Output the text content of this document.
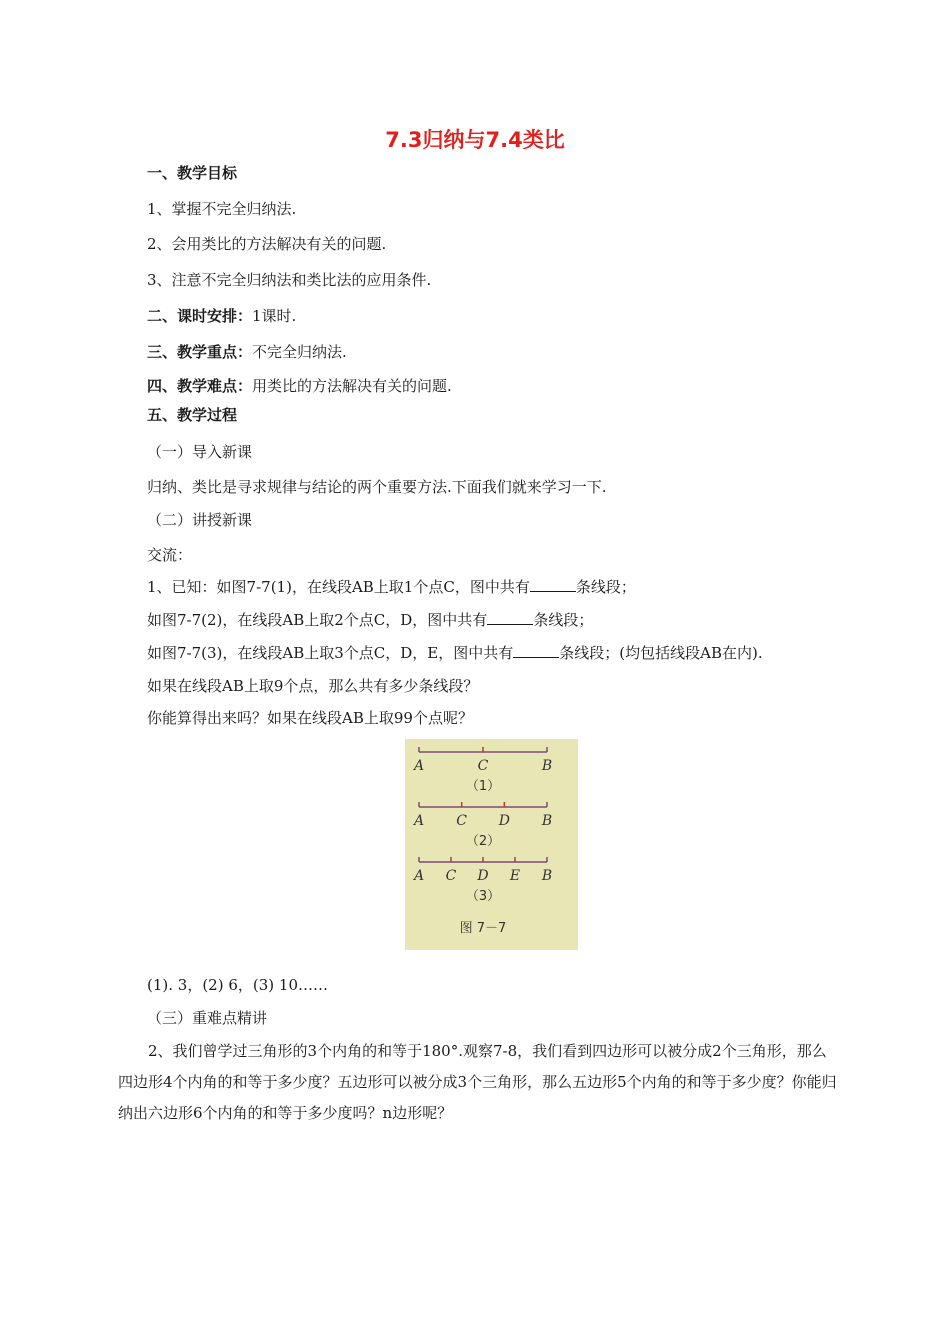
7.3归纳与7.4类比
一、教学目标
1、掌握不完全归纳法.
2、会用类比的方法解决有关的问题.
3、注意不完全归纳法和类比法的应用条件.
二、课时安排：1课时.
三、教学重点：不完全归纳法.
四、教学难点：用类比的方法解决有关的问题.
五、教学过程
（一）导入新课
归纳、类比是寻求规律与结论的两个重要方法.下面我们就来学习一下.
（二）讲授新课
交流：
1、已知：如图7-7(1)，在线段AB上取1个点C，图中共有	条线段；
如图7-7(2)，在线段AB上取2个点C，D，图中共有	条线段；
如图7-7(3)，在线段AB上取3个点C，D，E，图中共有	条线段；(均包括线段AB在内).
如果在线段AB上取9个点，那么共有多少条线段？
你能算得出来吗？如果在线段AB上取99个点呢？
A	C	B
（1）
A C D B
（2）
A C D E B
（3）
图 7－7
(1). 3，(2) 6，(3) 10……
（三）重难点精讲
2、我们曾学过三角形的3个内角的和等于180°.观察7-8，我们看到四边形可以被分成2个三角形，那么四边形4个内角的和等于多少度？五边形可以被分成3个三角形，那么五边形5个内角的和等于多少度？你能归纳出六边形6个内角的和等于多少度吗？n边形呢？
